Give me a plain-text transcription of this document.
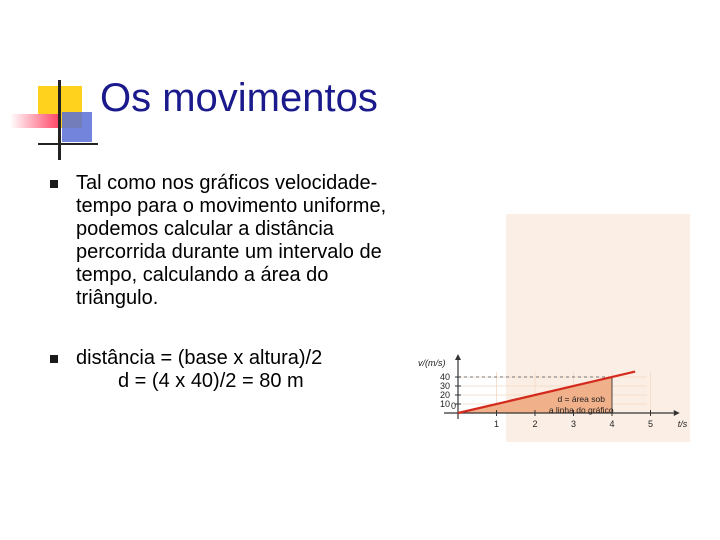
Os movimentos
Tal como nos gráficos velocidade-tempo para o movimento uniforme, podemos calcular a distância percorrida durante um intervalo de tempo, calculando a área do triângulo.
distância = (base x altura)/2
d = (4 x 40)/2 = 80 m
1	2	3	4	5
10
20
30
40
v/(m/s)
t/s
0
d = área sob
a linha do gráfico
